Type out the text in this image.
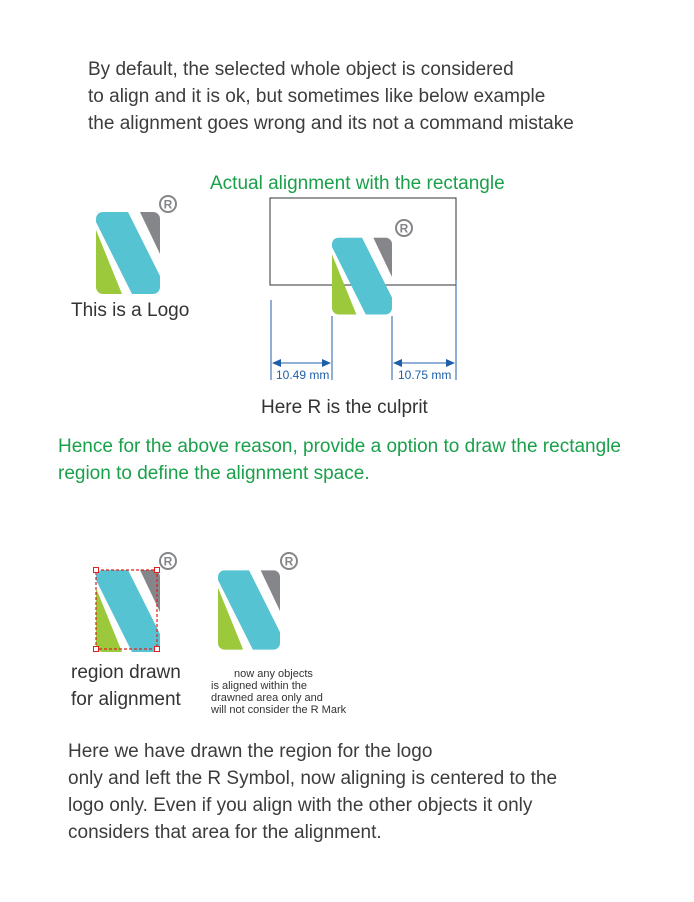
By default, the selected whole object is considered
to align and it is ok, but sometimes like below example
the alignment goes wrong and its not a command mistake
Actual alignment with the rectangle
R
This is a Logo
R
10.49 mm	10.75 mm
Here R is the culprit
Hence for the above reason, provide a option to draw the rectangle
region to define the alignment space.
R	R
region drawn
for alignment
now any objects
is aligned within the
drawned area only and
will not consider the R Mark
Here we have drawn the region for the logo
only and left the R Symbol, now aligning is centered to the
logo only. Even if you align with the other objects it only
considers that area for the alignment.
